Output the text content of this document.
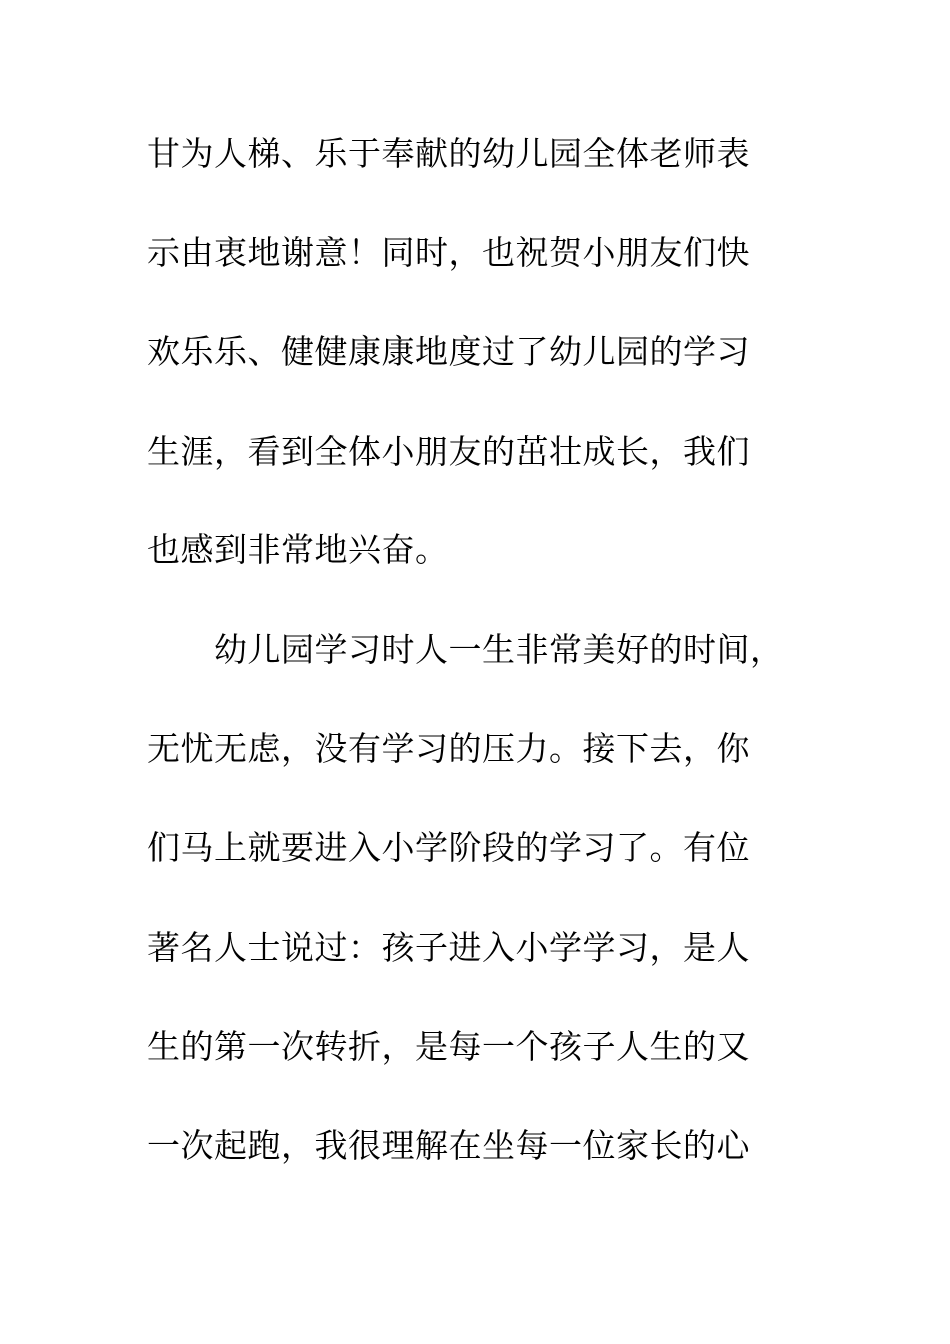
甘为人梯、乐于奉献的幼儿园全体老师表
示由衷地谢意！同时，也祝贺小朋友们快
欢乐乐、健健康康地度过了幼儿园的学习
生涯，看到全体小朋友的茁壮成长，我们
也感到非常地兴奋。
幼儿园学习时人一生非常美好的时间，
无忧无虑，没有学习的压力。接下去，你
们马上就要进入小学阶段的学习了。有位
著名人士说过：孩子进入小学学习，是人
生的第一次转折，是每一个孩子人生的又
一次起跑，我很理解在坐每一位家长的心
